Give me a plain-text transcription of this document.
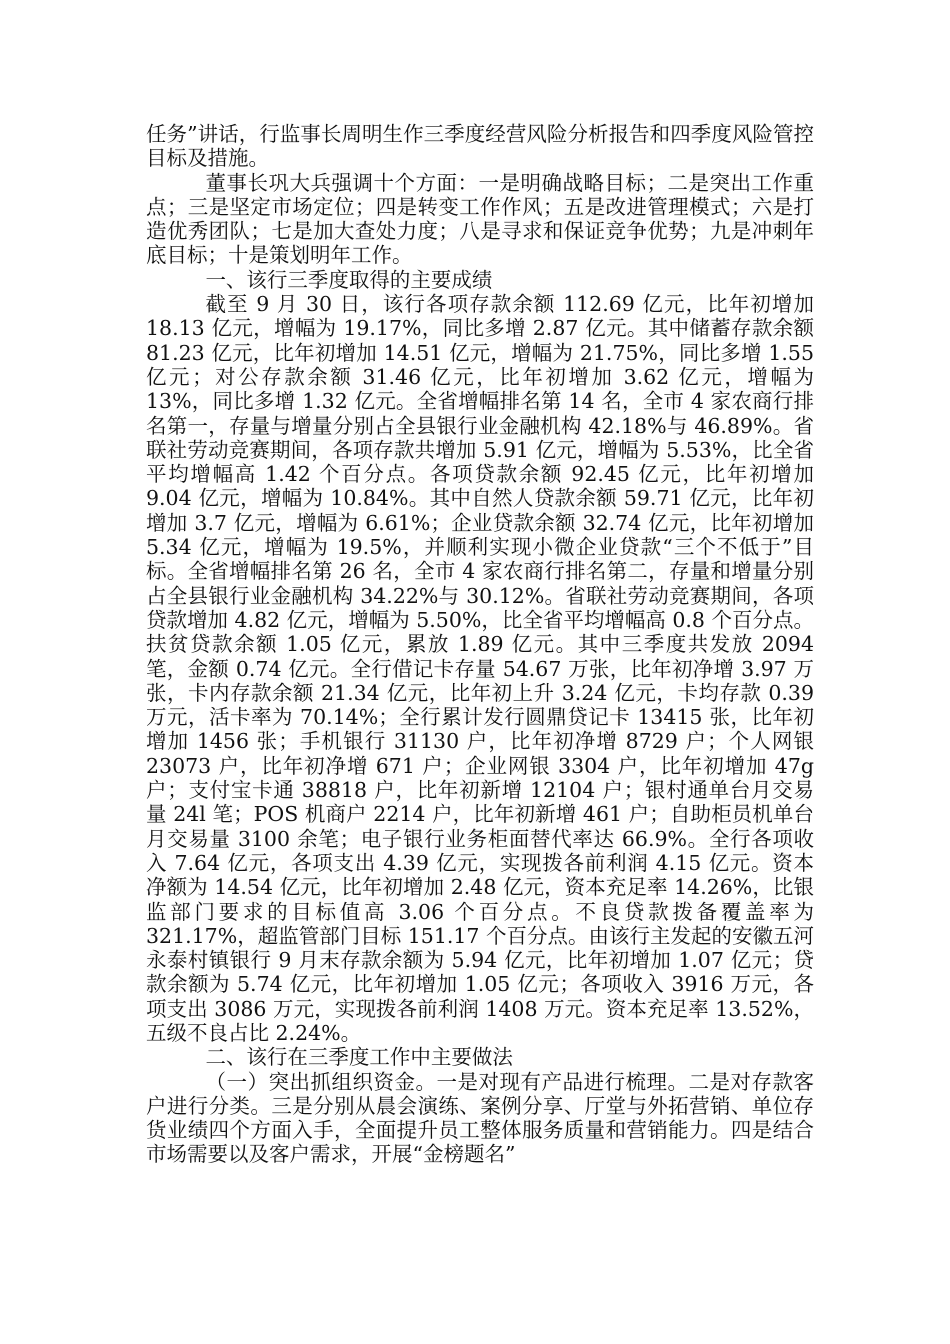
任务”讲话，行监事长周明生作三季度经营风险分析报告和四季度风险管控目标及措施。

董事长巩大兵强调十个方面：一是明确战略目标；二是突出工作重点；三是坚定市场定位；四是转变工作作风；五是改进管理模式；六是打造优秀团队；七是加大查处力度；八是寻求和保证竞争优势；九是冲刺年底目标；十是策划明年工作。

一、该行三季度取得的主要成绩

截至 9 月 30 日，该行各项存款余额 112.69 亿元，比年初增加 18.13 亿元，增幅为 19.17%，同比多增 2.87 亿元。其中储蓄存款余额 81.23 亿元，比年初增加 14.51 亿元，增幅为 21.75%，同比多增 1.55 亿元；对公存款余额 31.46 亿元，比年初增加 3.62 亿元，增幅为 13%，同比多增 1.32 亿元。全省增幅排名第 14 名，全市 4 家农商行排名第一，存量与增量分别占全县银行业金融机构 42.18%与 46.89%。省联社劳动竞赛期间，各项存款共增加 5.91 亿元，增幅为 5.53%，比全省平均增幅高 1.42 个百分点。各项贷款余额 92.45 亿元，比年初增加 9.04 亿元，增幅为 10.84%。其中自然人贷款余额 59.71 亿元，比年初增加 3.7 亿元，增幅为 6.61%；企业贷款余额 32.74 亿元，比年初增加 5.34 亿元，增幅为 19.5%，并顺利实现小微企业贷款“三个不低于”目标。全省增幅排名第 26 名，全市 4 家农商行排名第二，存量和增量分别占全县银行业金融机构 34.22%与 30.12%。省联社劳动竞赛期间，各项贷款增加 4.82 亿元，增幅为 5.50%，比全省平均增幅高 0.8 个百分点。扶贫贷款余额 1.05 亿元，累放 1.89 亿元。其中三季度共发放 2094 笔，金额 0.74 亿元。全行借记卡存量 54.67 万张，比年初净增 3.97 万张，卡内存款余额 21.34 亿元，比年初上升 3.24 亿元，卡均存款 0.39 万元，活卡率为 70.14%；全行累计发行圆鼎贷记卡 13415 张，比年初增加 1456 张；手机银行 31130 户，比年初净增 8729 户；个人网银 23073 户，比年初净增 671 户；企业网银 3304 户，比年初增加 47g 户；支付宝卡通 38818 户，比年初新增 12104 户；银村通单台月交易量 24l 笔；POS 机商户 2214 户，比年初新增 461 户；自助柜员机单台月交易量 3100 余笔；电子银行业务柜面替代率达 66.9%。全行各项收入 7.64 亿元，各项支出 4.39 亿元，实现拨各前利润 4.15 亿元。资本净额为 14.54 亿元，比年初增加 2.48 亿元，资本充足率 14.26%，比银监部门要求的目标值高 3.06 个百分点。不良贷款拨备覆盖率为 321.17%，超监管部门目标 151.17 个百分点。由该行主发起的安徽五河永泰村镇银行 9 月末存款余额为 5.94 亿元，比年初增加 1.07 亿元；贷款余额为 5.74 亿元，比年初增加 1.05 亿元；各项收入 3916 万元，各项支出 3086 万元，实现拨各前利润 1408 万元。资本充足率 13.52%，五级不良占比 2.24%。

二、该行在三季度工作中主要做法

（一）突出抓组织资金。一是对现有产品进行梳理。二是对存款客户进行分类。三是分别从晨会演练、案例分享、厅堂与外拓营销、单位存货业绩四个方面入手，全面提升员工整体服务质量和营销能力。四是结合市场需要以及客户需求，开展“金榜题名”
